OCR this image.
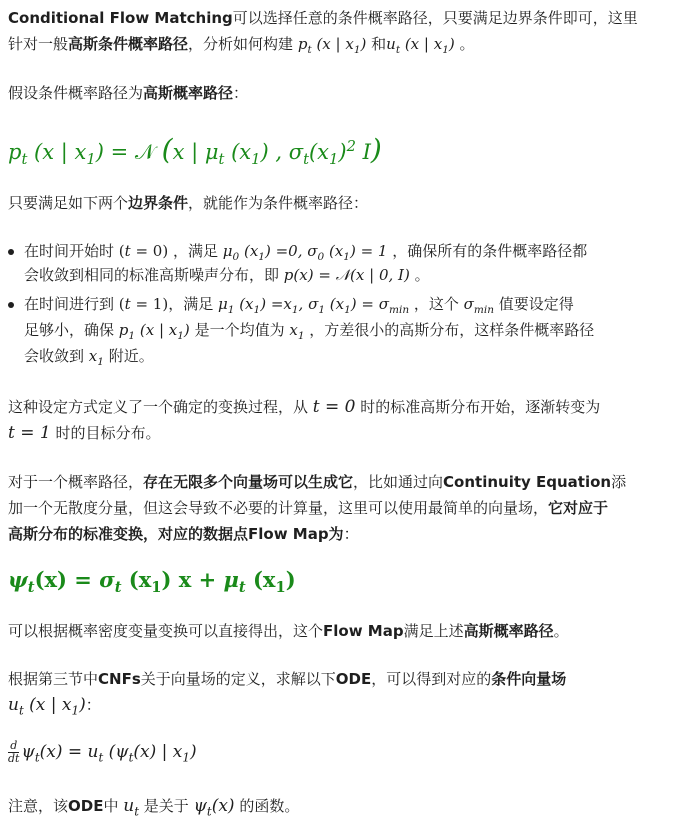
Conditional Flow Matching可以选择任意的条件概率路径，只要满足边界条件即可，这里
针对一般高斯条件概率路径，分析如何构建 $p_t$ (x | $x_1$) 和$u_t$ (x | $x_1$) 。
假设条件概率路径为高斯概率路径：
$p_t$ (x | $x_1$) = 𝒩 (x | $\mu_t$ $(x_1)$ , $\sigma_t(x_1)^2$ I)
只要满足如下两个边界条件，就能作为条件概率路径：
在时间开始时 (t = 0) ，满足 $\mu_0$ $(x_1) =0$, $\sigma_0$ $(x_1) = 1$ ，确保所有的条件概率路径都
会收敛到相同的标准高斯噪声分布，即 p(x) = 𝒩(x | 0, I) 。
在时间进行到 (t = 1)，满足 $\mu_1$ $(x_1) =x_1$, $\sigma_1$ $(x_1) = \sigma_{min}$ ，这个 $\sigma_{min}$ 值要设定得
足够小，确保 $p_1$ (x | $x_1$) 是一个均值为 $x_1$ ，方差很小的高斯分布，这样条件概率路径
会收敛到 $x_1$ 附近。
这种设定方式定义了一个确定的变换过程，从 t = 0 时的标准高斯分布开始，逐渐转变为
t = 1 时的目标分布。
对于一个概率路径，存在无限多个向量场可以生成它，比如通过向Continuity Equation添
加一个无散度分量，但这会导致不必要的计算量，这里可以使用最简单的向量场，它对应于
高斯分布的标准变换，对应的数据点Flow Map为：
$\psi_t(x) = \sigma_t$ $(x_1) x + \mu_t$ $(x_1)$
可以根据概率密度变量变换可以直接得出，这个Flow Map满足上述高斯概率路径。
根据第三节中CNFs关于向量场的定义，求解以下ODE，可以得到对应的条件向量场
$u_t$ (x | $x_1$)：
$\frac{d}{dt} \psi_t(x) = u_t$ ($\psi_t(x)$ | $x_1$)
注意，该ODE中 $u_t$ 是关于 $\psi_t(x)$ 的函数。
